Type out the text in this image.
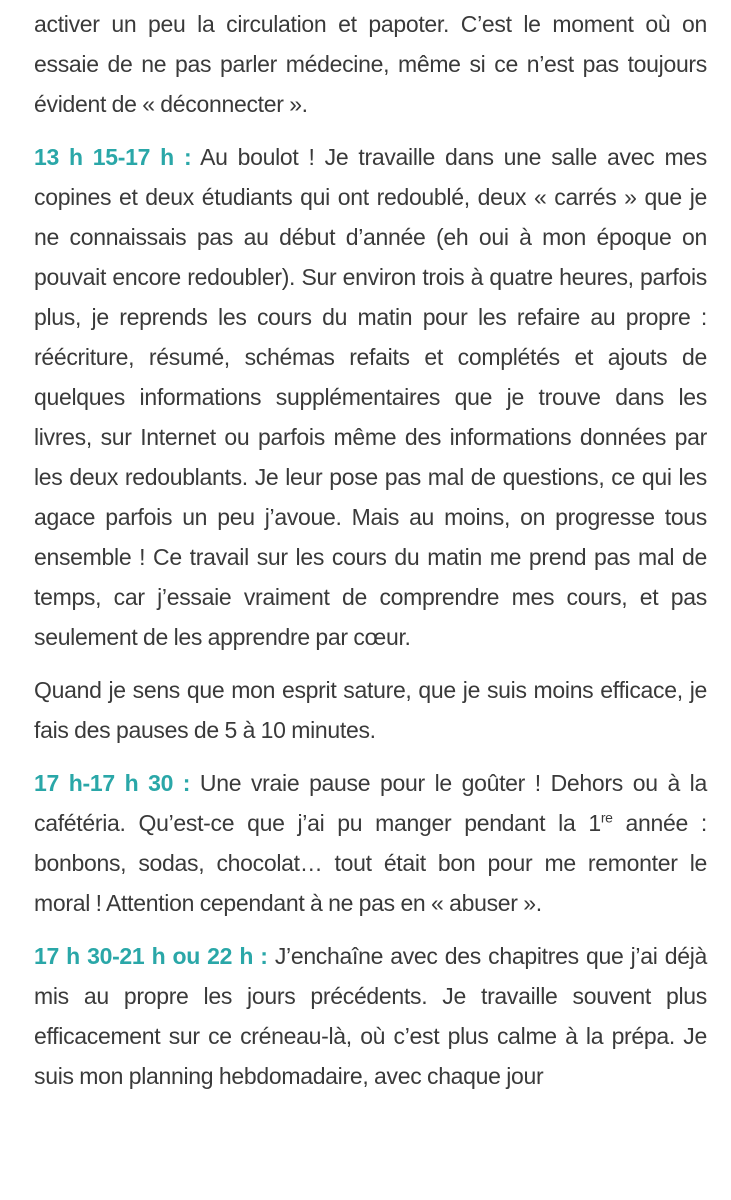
activer un peu la circulation et papoter. C’est le moment où on essaie de ne pas parler médecine, même si ce n’est pas toujours évident de « déconnecter ».

13 h 15-17 h : Au boulot ! Je travaille dans une salle avec mes copines et deux étudiants qui ont redoublé, deux « carrés » que je ne connaissais pas au début d’année (eh oui à mon époque on pouvait encore redoubler). Sur environ trois à quatre heures, parfois plus, je reprends les cours du matin pour les refaire au propre : réécriture, résumé, schémas refaits et complétés et ajouts de quelques informations supplémentaires que je trouve dans les livres, sur Internet ou parfois même des informations données par les deux redoublants. Je leur pose pas mal de questions, ce qui les agace parfois un peu j’avoue. Mais au moins, on progresse tous ensemble ! Ce travail sur les cours du matin me prend pas mal de temps, car j’essaie vraiment de comprendre mes cours, et pas seulement de les apprendre par cœur.

Quand je sens que mon esprit sature, que je suis moins efficace, je fais des pauses de 5 à 10 minutes.

17 h-17 h 30 : Une vraie pause pour le goûter ! Dehors ou à la cafétéria. Qu’est-ce que j’ai pu manger pendant la 1re année : bonbons, sodas, chocolat… tout était bon pour me remonter le moral ! Attention cependant à ne pas en « abuser ».

17 h 30-21 h ou 22 h : J’enchaîne avec des chapitres que j’ai déjà mis au propre les jours précédents. Je travaille souvent plus efficacement sur ce créneau-là, où c’est plus calme à la prépa. Je suis mon planning hebdomadaire, avec chaque jour
